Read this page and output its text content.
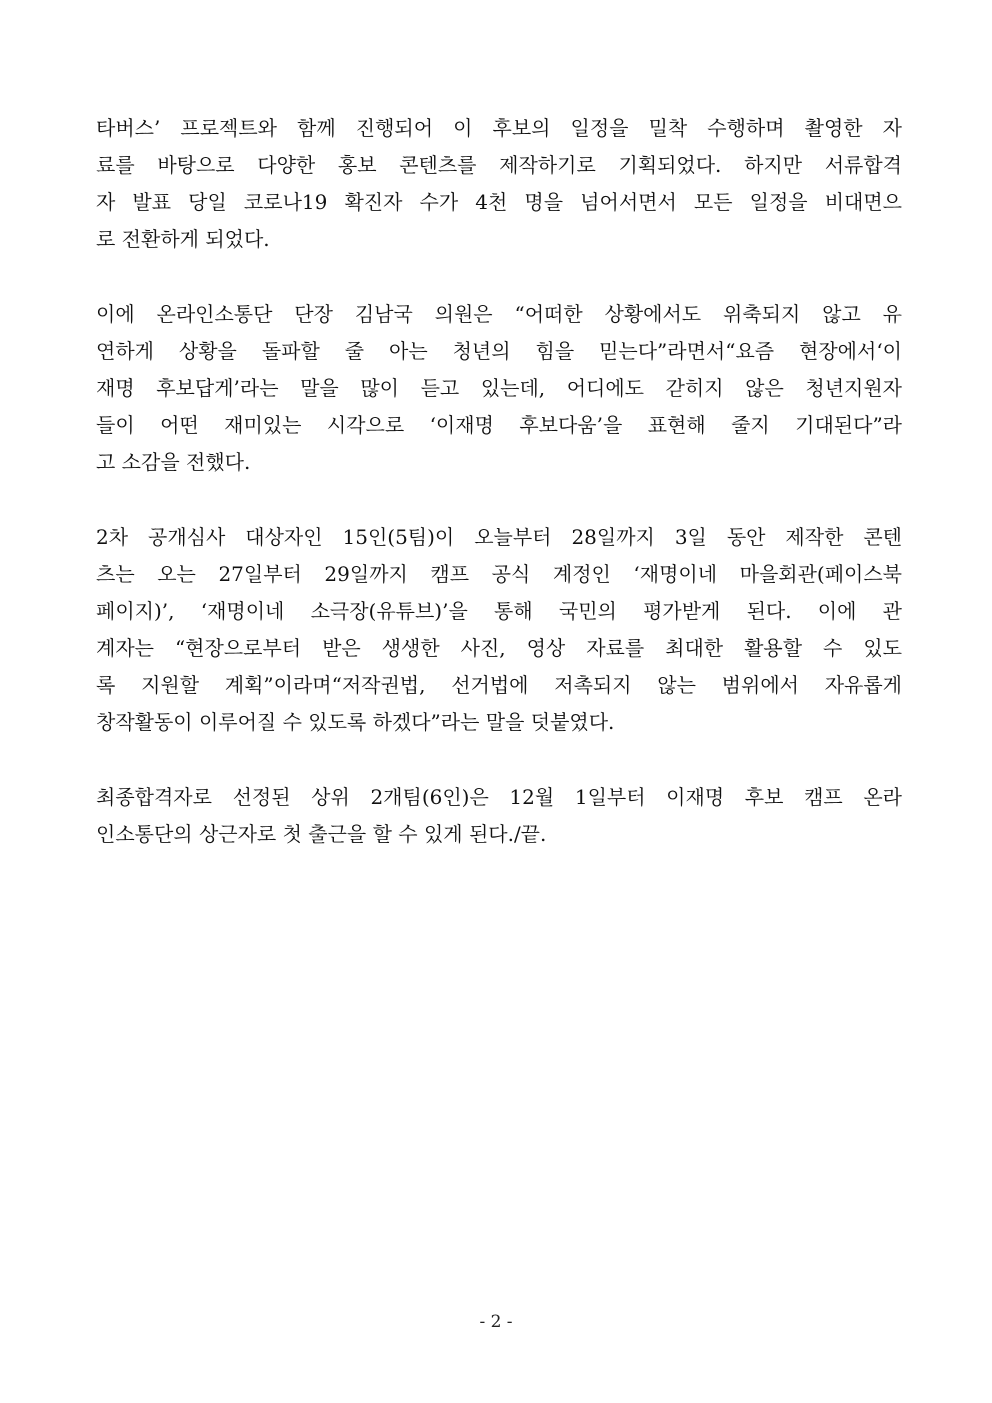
타버스’ 프로젝트와 함께 진행되어 이 후보의 일정을 밀착 수행하며 촬영한 자
료를 바탕으로 다양한 홍보 콘텐츠를 제작하기로 기획되었다. 하지만 서류합격
자 발표 당일 코로나19 확진자 수가 4천 명을 넘어서면서 모든 일정을 비대면으
로 전환하게 되었다.
이에 온라인소통단 단장 김남국 의원은 “어떠한 상황에서도 위축되지 않고 유
연하게 상황을 돌파할 줄 아는 청년의 힘을 믿는다”라면서“요즘 현장에서‘이
재명 후보답게’라는 말을 많이 듣고 있는데, 어디에도 갇히지 않은 청년지원자
들이 어떤 재미있는 시각으로 ‘이재명 후보다움’을 표현해 줄지 기대된다”라
고 소감을 전했다.
2차 공개심사 대상자인 15인(5팀)이 오늘부터 28일까지 3일 동안 제작한 콘텐
츠는 오는 27일부터 29일까지 캠프 공식 계정인 ‘재명이네 마을회관(페이스북
페이지)’, ‘재명이네 소극장(유튜브)’을 통해 국민의 평가받게 된다. 이에 관
계자는 “현장으로부터 받은 생생한 사진, 영상 자료를 최대한 활용할 수 있도
록 지원할 계획”이라며“저작권법, 선거법에 저촉되지 않는 범위에서 자유롭게
창작활동이 이루어질 수 있도록 하겠다”라는 말을 덧붙였다.
최종합격자로 선정된 상위 2개팀(6인)은 12월 1일부터 이재명 후보 캠프 온라
인소통단의 상근자로 첫 출근을 할 수 있게 된다./끝.
- 2 -
